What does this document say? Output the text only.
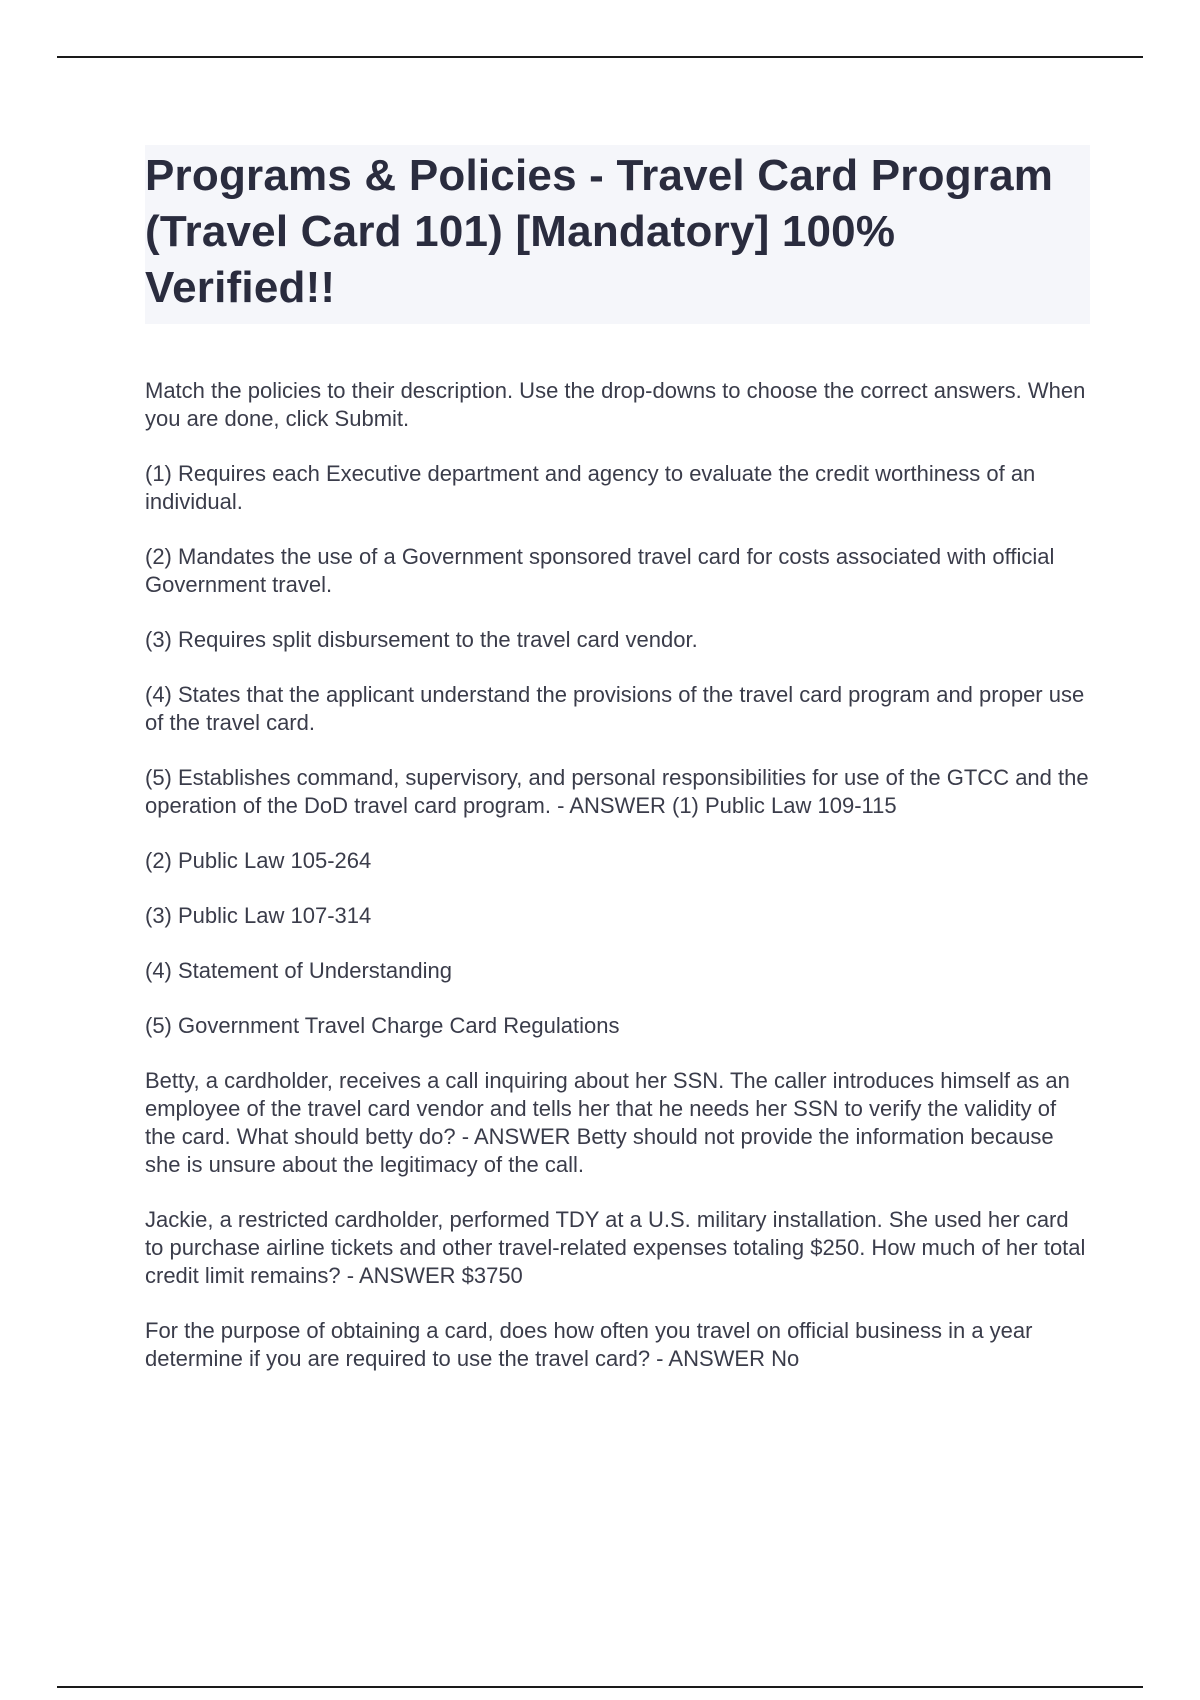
Programs & Policies - Travel Card Program (Travel Card 101) [Mandatory] 100% Verified!!

Match the policies to their description. Use the drop-downs to choose the correct answers. When you are done, click Submit.

(1) Requires each Executive department and agency to evaluate the credit worthiness of an individual.

(2) Mandates the use of a Government sponsored travel card for costs associated with official Government travel.

(3) Requires split disbursement to the travel card vendor.

(4) States that the applicant understand the provisions of the travel card program and proper use of the travel card.

(5) Establishes command, supervisory, and personal responsibilities for use of the GTCC and the operation of the DoD travel card program. - ANSWER (1) Public Law 109-115

(2) Public Law 105-264

(3) Public Law 107-314

(4) Statement of Understanding

(5) Government Travel Charge Card Regulations

Betty, a cardholder, receives a call inquiring about her SSN. The caller introduces himself as an employee of the travel card vendor and tells her that he needs her SSN to verify the validity of the card. What should betty do? - ANSWER Betty should not provide the information because she is unsure about the legitimacy of the call.

Jackie, a restricted cardholder, performed TDY at a U.S. military installation. She used her card to purchase airline tickets and other travel-related expenses totaling $250. How much of her total credit limit remains? - ANSWER $3750

For the purpose of obtaining a card, does how often you travel on official business in a year determine if you are required to use the travel card? - ANSWER No
